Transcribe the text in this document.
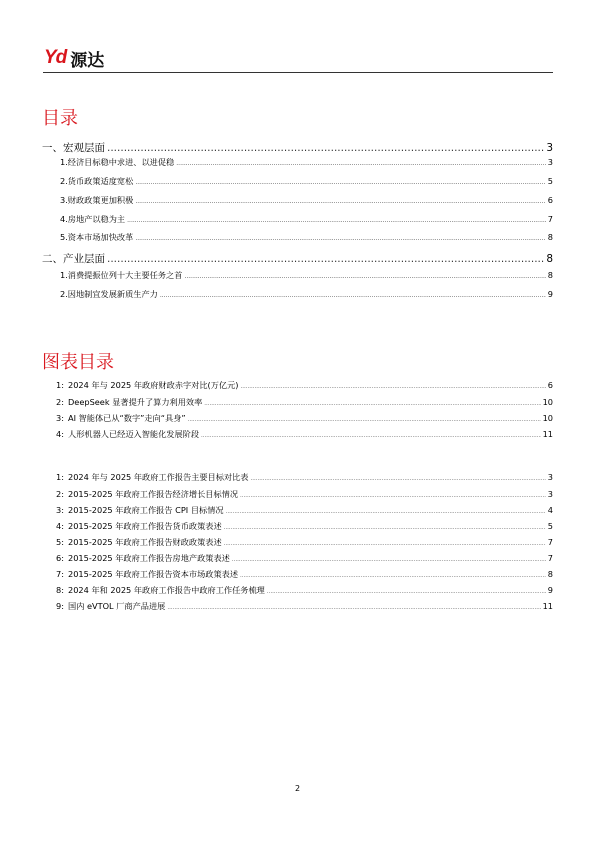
Yd 源达
目录
一、宏观层面 .....	3
1.经济目标稳中求进、以进促稳 .....	3
2.货币政策适度宽松 .....	5
3.财政政策更加积极 .....	6
4.房地产以稳为主 .....	7
5.资本市场加快改革 .....	8
二、产业层面 .....	8
1.消费提振位列十大主要任务之首 .....	8
2.因地制宜发展新质生产力 .....	9
图表目录
1: 2024 年与 2025 年政府财政赤字对比(万亿元) .....	6
2: DeepSeek 显著提升了算力利用效率 .....	10
3: AI 智能体已从“数字”走向“具身” .....	10
4: 人形机器人已经迈入智能化发展阶段 .....	11
1: 2024 年与 2025 年政府工作报告主要目标对比表 .....	3
2: 2015-2025 年政府工作报告经济增长目标情况 .....	3
3: 2015-2025 年政府工作报告 CPI 目标情况 .....	4
4: 2015-2025 年政府工作报告货币政策表述 .....	5
5: 2015-2025 年政府工作报告财政政策表述 .....	7
6: 2015-2025 年政府工作报告房地产政策表述 .....	7
7: 2015-2025 年政府工作报告资本市场政策表述 .....	8
8: 2024 年和 2025 年政府工作报告中政府工作任务梳理 .....	9
9: 国内 eVTOL 厂商产品进展 .....	11
2
